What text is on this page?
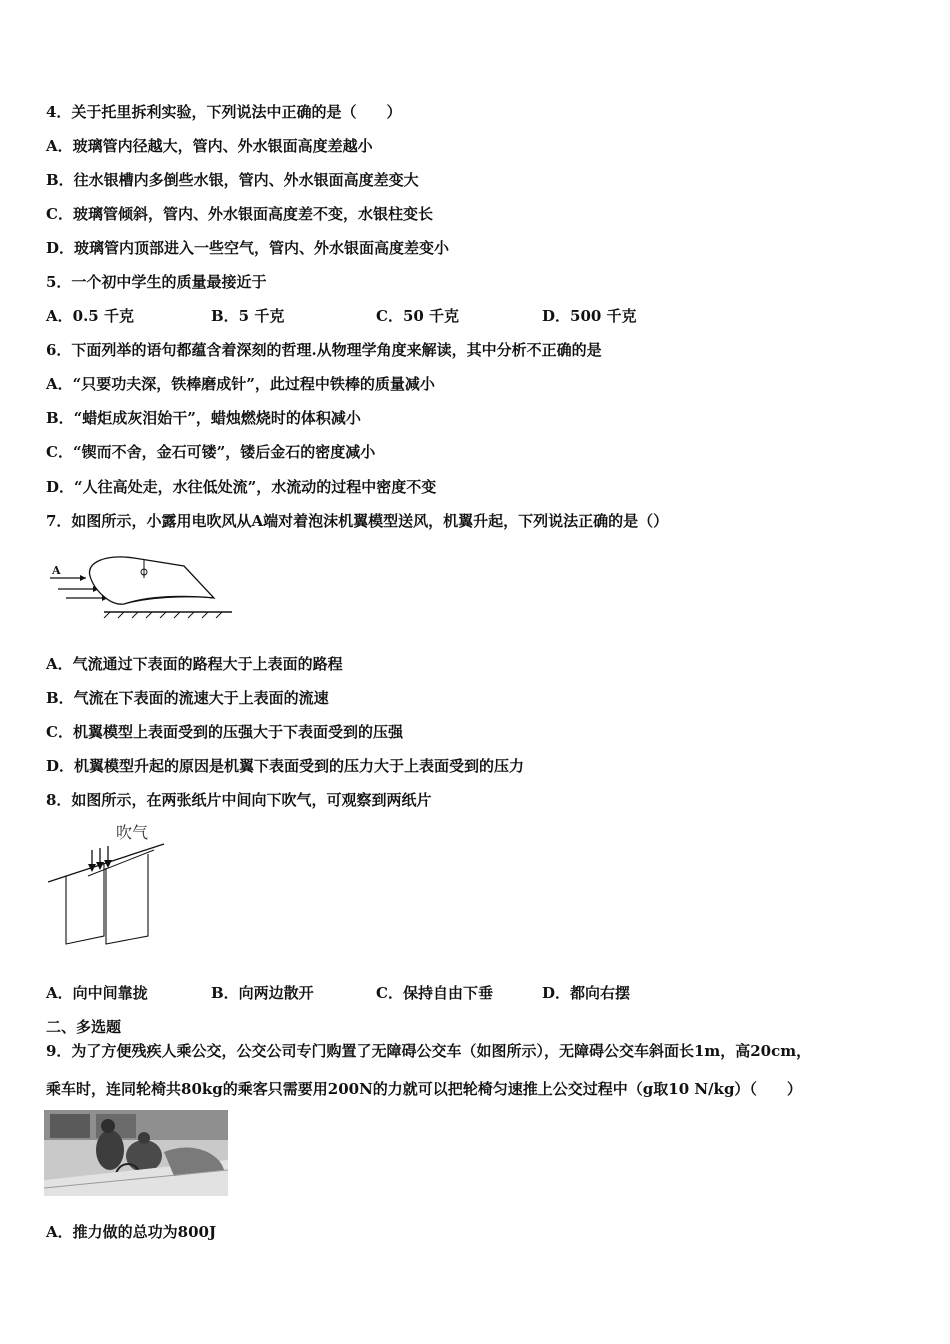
4．关于托里拆利实验，下列说法中正确的是（　　）
A．玻璃管内径越大，管内、外水银面高度差越小
B．往水银槽内多倒些水银，管内、外水银面高度差变大
C．玻璃管倾斜，管内、外水银面高度差不变，水银柱变长
D．玻璃管内顶部进入一些空气，管内、外水银面高度差变小
5．一个初中学生的质量最接近于
A．0.5 千克	B．5 千克	C．50 千克	D．500 千克
6．下面列举的语句都蕴含着深刻的哲理.从物理学角度来解读，其中分析不正确的是
A．“只要功夫深，铁棒磨成针”，此过程中铁棒的质量减小
B．“蜡炬成灰泪始干”，蜡烛燃烧时的体积减小
C．“锲而不舍，金石可镂”，镂后金石的密度减小
D．“人往高处走，水往低处流”，水流动的过程中密度不变
7．如图所示，小露用电吹风从A端对着泡沫机翼模型送风，机翼升起，下列说法正确的是（）
A
A．气流通过下表面的路程大于上表面的路程
B．气流在下表面的流速大于上表面的流速
C．机翼模型上表面受到的压强大于下表面受到的压强
D．机翼模型升起的原因是机翼下表面受到的压力大于上表面受到的压力
8．如图所示，在两张纸片中间向下吹气，可观察到两纸片
吹气
A．向中间靠拢	B．向两边散开	C．保持自由下垂	D．都向右摆
二、多选题
9．为了方便残疾人乘公交，公交公司专门购置了无障碍公交车（如图所示），无障碍公交车斜面长1m，高20cm，
乘车时，连同轮椅共80kg的乘客只需要用200N的力就可以把轮椅匀速推上公交过程中（g取10 N/kg）（　　）
A．推力做的总功为800J
